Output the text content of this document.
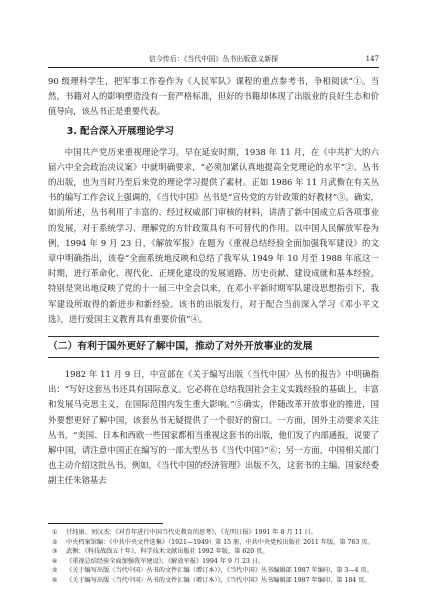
信今传后：《当代中国》丛书出版意义新探	147

90 级理科学生，把军事工作卷作为《人民军队》课程的重点参考书，争相阅读”①。当然，书籍对人的影响塑造没有一套严格标准，但好的书籍却体现了出版业的良好生态和价值导向，该丛书正是重要代表。

3. 配合深入开展理论学习

中国共产党历来重视理论学习。早在延安时期，1938 年 11 月，在《中共扩大的六届六中全会政治决议案》中就明确要求，“必须加紧认真地提高全党理论的水平”②。丛书的出版，也为当时乃至后来党的理论学习提供了素材。正如 1986 年 11 月武衡在有关丛书的编写工作会议上强调的，《当代中国》丛书是“宣传党的方针政策的好教材”③。确实，如前所述，丛书利用了丰富的、经过权威部门审核的材料，讲清了新中国成立后各项事业的发展，对于系统学习、理解党的方针政策具有不可替代的作用。以中国人民解放军卷为例，1994 年 9 月 23 日，《解放军报》在题为《重视总结经验全面加强我军建设》的文章中明确指出，该卷“全面系统地反映和总结了我军从 1949 年 10 月至 1988 年底这一时期，进行革命化、现代化、正规化建设的发展道路、历史贡献、建设成就和基本经验。特别是突出地反映了党的十一届三中全会以来，在邓小平新时期军队建设思想指引下，我军建设所取得的新进步和新经验。该书的出版发行，对于配合当前深入学习《邓小平文选》，进行爱国主义教育具有重要价值”④。

（二）有利于国外更好了解中国，推动了对外开放事业的发展

1982 年 11 月 9 日，中宣部在《关于编写出版〈当代中国〉丛书的报告》中明确指出：“写好这套丛书还具有国际意义。它必将在总结我国社会主义实践经验的基础上，丰富和发展马克思主义，在国际范围内发生重大影响。”⑤确实，伴随改革开放事业的推进，国外要想更好了解中国，该套丛书无疑提供了一个很好的窗口。一方面，国外主动要求关注丛书，“美国、日本和西欧一些国家都相当重视这套书的出版，他们发了内部通报，说要了解中国，请注意中国正在编写的一部大型丛书《当代中国》”⑥；另一方面，中国相关部门也主动介绍这批丛书。例如，《当代中国的经济管理》出版不久，这套书的主编、国家经委副主任朱镕基去

① 甘纯康、刘汉杰：《对青年进行中国当代史教育的思考》，《光明日报》1991 年 8 月 11 日。

② 中央档案馆编：《中共中央文件选集》（1921—1949）第 15 册，中共中央党校出版社 2011 年版，第 763 页。

③ 武衡：《科技战线五十年》，科学技术文献出版社 1992 年版，第 620 页。

④ 《重视总结经验全面加强我军建设》，《解放军报》1994 年 9 月 23 日。

⑤ 《关于编写出版〈当代中国〉丛书的文件汇编（增订本）》，《当代中国》丛书编辑部 1987 年编印，第 3—4 页。

⑥ 《关于编写出版〈当代中国〉丛书的文件汇编（增订本）》，《当代中国》丛书编辑部 1987 年编印，第 184 页。
